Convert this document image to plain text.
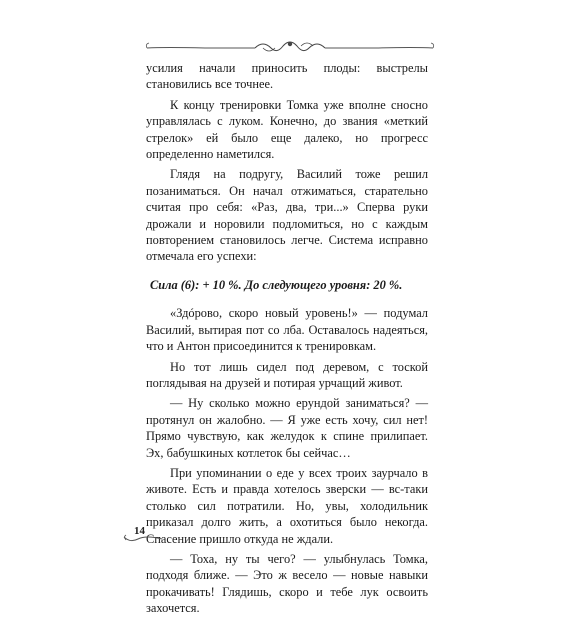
усилия начали приносить плоды: выстрелы становились все точнее.

К концу тренировки Томка уже вполне сносно управлялась с луком. Конечно, до звания «меткий стрелок» ей было еще далеко, но прогресс определенно наметился.

Глядя на подругу, Василий тоже решил позаниматься. Он начал отжиматься, старательно считая про себя: «Раз, два, три...» Сперва руки дрожали и норовили подломиться, но с каждым повторением становилось легче. Система исправно отмечала его успехи:

Сила (6): + 10 %. До следующего уровня: 20 %.

«Здóрово, скоро новый уровень!» — подумал Василий, вытирая пот со лба. Оставалось надеяться, что и Антон присоединится к тренировкам.

Но тот лишь сидел под деревом, с тоской поглядывая на друзей и потирая урчащий живот.

— Ну сколько можно ерундой заниматься? — протянул он жалобно. — Я уже есть хочу, сил нет! Прямо чувствую, как желудок к спине прилипает. Эх, бабушкиных котлеток бы сейчас…

При упоминании о еде у всех троих заурчало в животе. Есть и правда хотелось зверски — вс-таки столько сил потратили. Но, увы, холодильник приказал долго жить, а охотиться было некогда. Спасение пришло откуда не ждали.

— Тоха, ну ты чего? — улыбнулась Томка, подходя ближе. — Это ж весело — новые навыки прокачивать! Глядишь, скоро и тебе лук освоить захочется.

14
